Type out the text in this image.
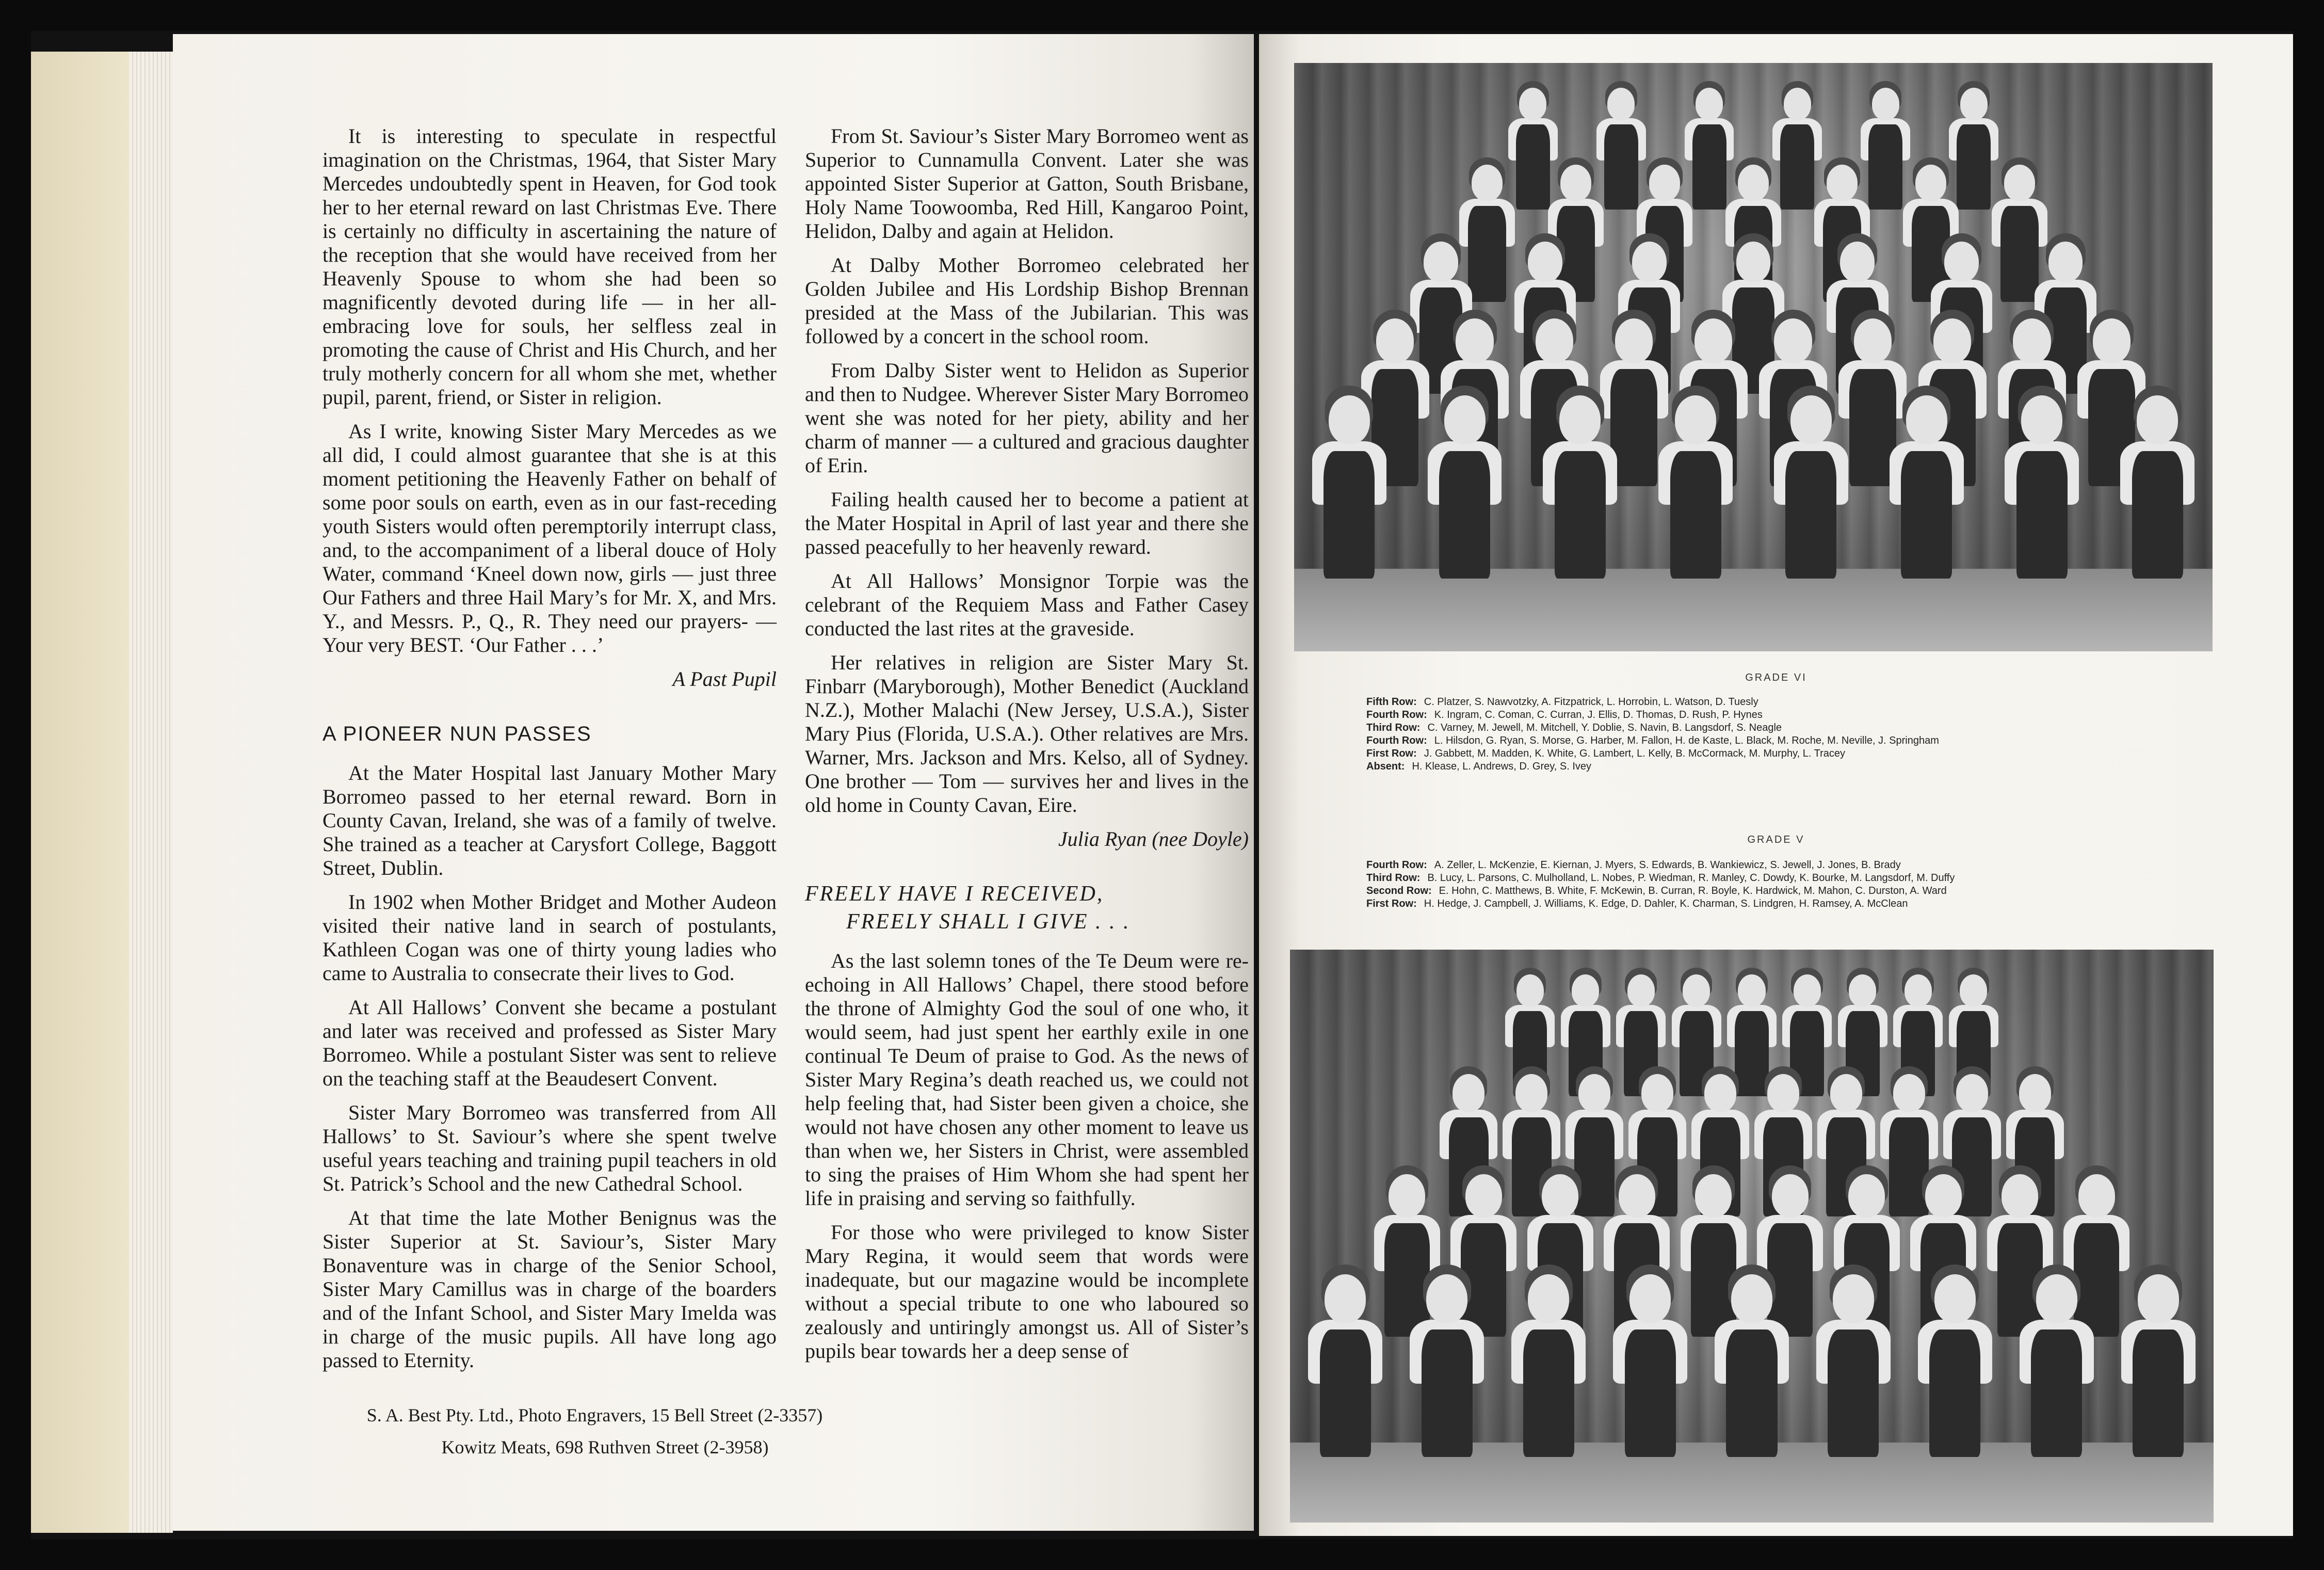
It is interesting to speculate in respectful imagination on the Christmas, 1964, that Sister Mary Mercedes undoubtedly spent in Heaven, for God took her to her eternal reward on last Christmas Eve. There is certainly no difficulty in ascertaining the nature of the reception that she would have received from her Heavenly Spouse to whom she had been so magnificently devoted during life — in her all-embracing love for souls, her selfless zeal in promoting the cause of Christ and His Church, and her truly motherly concern for all whom she met, whether pupil, parent, friend, or Sister in religion.

As I write, knowing Sister Mary Mercedes as we all did, I could almost guarantee that she is at this moment petitioning the Heavenly Father on behalf of some poor souls on earth, even as in our fast-receding youth Sisters would often peremptorily interrupt class, and, to the accompaniment of a liberal douce of Holy Water, command ‘Kneel down now, girls — just three Our Fathers and three Hail Mary’s for Mr. X, and Mrs. Y., and Messrs. P., Q., R. They need our prayers- — Your very BEST. ‘Our Father . . .’

A Past Pupil

A PIONEER NUN PASSES

At the Mater Hospital last January Mother Mary Borromeo passed to her eternal reward. Born in County Cavan, Ireland, she was of a family of twelve. She trained as a teacher at Carysfort College, Baggott Street, Dublin.

In 1902 when Mother Bridget and Mother Audeon visited their native land in search of postulants, Kathleen Cogan was one of thirty young ladies who came to Australia to consecrate their lives to God.

At All Hallows’ Convent she became a postulant and later was received and professed as Sister Mary Borromeo. While a postulant Sister was sent to relieve on the teaching staff at the Beaudesert Convent.

Sister Mary Borromeo was transferred from All Hallows’ to St. Saviour’s where she spent twelve useful years teaching and training pupil teachers in old St. Patrick’s School and the new Cathedral School.

At that time the late Mother Benignus was the Sister Superior at St. Saviour’s, Sister Mary Bonaventure was in charge of the Senior School, Sister Mary Camillus was in charge of the boarders and of the Infant School, and Sister Mary Imelda was in charge of the music pupils. All have long ago passed to Eternity.

From St. Saviour’s Sister Mary Borromeo went as Superior to Cunnamulla Convent. Later she was appointed Sister Superior at Gatton, South Brisbane, Holy Name Toowoomba, Red Hill, Kangaroo Point, Helidon, Dalby and again at Helidon.

At Dalby Mother Borromeo celebrated her Golden Jubilee and His Lordship Bishop Brennan presided at the Mass of the Jubilarian. This was followed by a concert in the school room.

From Dalby Sister went to Helidon as Superior and then to Nudgee. Wherever Sister Mary Borromeo went she was noted for her piety, ability and her charm of manner — a cultured and gracious daughter of Erin.

Failing health caused her to become a patient at the Mater Hospital in April of last year and there she passed peacefully to her heavenly reward.

At All Hallows’ Monsignor Torpie was the celebrant of the Requiem Mass and Father Casey conducted the last rites at the graveside.

Her relatives in religion are Sister Mary St. Finbarr (Maryborough), Mother Benedict (Auckland N.Z.), Mother Malachi (New Jersey, U.S.A.), Sister Mary Pius (Florida, U.S.A.). Other relatives are Mrs. Warner, Mrs. Jackson and Mrs. Kelso, all of Sydney. One brother — Tom — survives her and lives in the old home in County Cavan, Eire.

Julia Ryan (nee Doyle)

FREELY HAVE I RECEIVED,

FREELY SHALL I GIVE . . .

As the last solemn tones of the Te Deum were re-echoing in All Hallows’ Chapel, there stood before the throne of Almighty God the soul of one who, it would seem, had just spent her earthly exile in one continual Te Deum of praise to God. As the news of Sister Mary Regina’s death reached us, we could not help feeling that, had Sister been given a choice, she would not have chosen any other moment to leave us than when we, her Sisters in Christ, were assembled to sing the praises of Him Whom she had spent her life in praising and serving so faithfully.

For those who were privileged to know Sister Mary Regina, it would seem that words were inadequate, but our magazine would be incomplete without a special tribute to one who laboured so zealously and untiringly amongst us. All of Sister’s pupils bear towards her a deep sense of

S. A. Best Pty. Ltd., Photo Engravers, 15 Bell Street (2-3357)
Kowitz Meats, 698 Ruthven Street (2-3958)
GRADE VI
Fifth Row: C. Platzer, S. Nawvotzky, A. Fitzpatrick, L. Horrobin, L. Watson, D. Tuesly
Fourth Row: K. Ingram, C. Coman, C. Curran, J. Ellis, D. Thomas, D. Rush, P. Hynes
Third Row: C. Varney, M. Jewell, M. Mitchell, Y. Doblie, S. Navin, B. Langsdorf, S. Neagle
Fourth Row: L. Hilsdon, G. Ryan, S. Morse, G. Harber, M. Fallon, H. de Kaste, L. Black, M. Roche, M. Neville, J. Springham
First Row: J. Gabbett, M. Madden, K. White, G. Lambert, L. Kelly, B. McCormack, M. Murphy, L. Tracey
Absent: H. Klease, L. Andrews, D. Grey, S. Ivey
GRADE V
Fourth Row: A. Zeller, L. McKenzie, E. Kiernan, J. Myers, S. Edwards, B. Wankiewicz, S. Jewell, J. Jones, B. Brady
Third Row: B. Lucy, L. Parsons, C. Mulholland, L. Nobes, P. Wiedman, R. Manley, C. Dowdy, K. Bourke, M. Langsdorf, M. Duffy
Second Row: E. Hohn, C. Matthews, B. White, F. McKewin, B. Curran, R. Boyle, K. Hardwick, M. Mahon, C. Durston, A. Ward
First Row: H. Hedge, J. Campbell, J. Williams, K. Edge, D. Dahler, K. Charman, S. Lindgren, H. Ramsey, A. McClean
